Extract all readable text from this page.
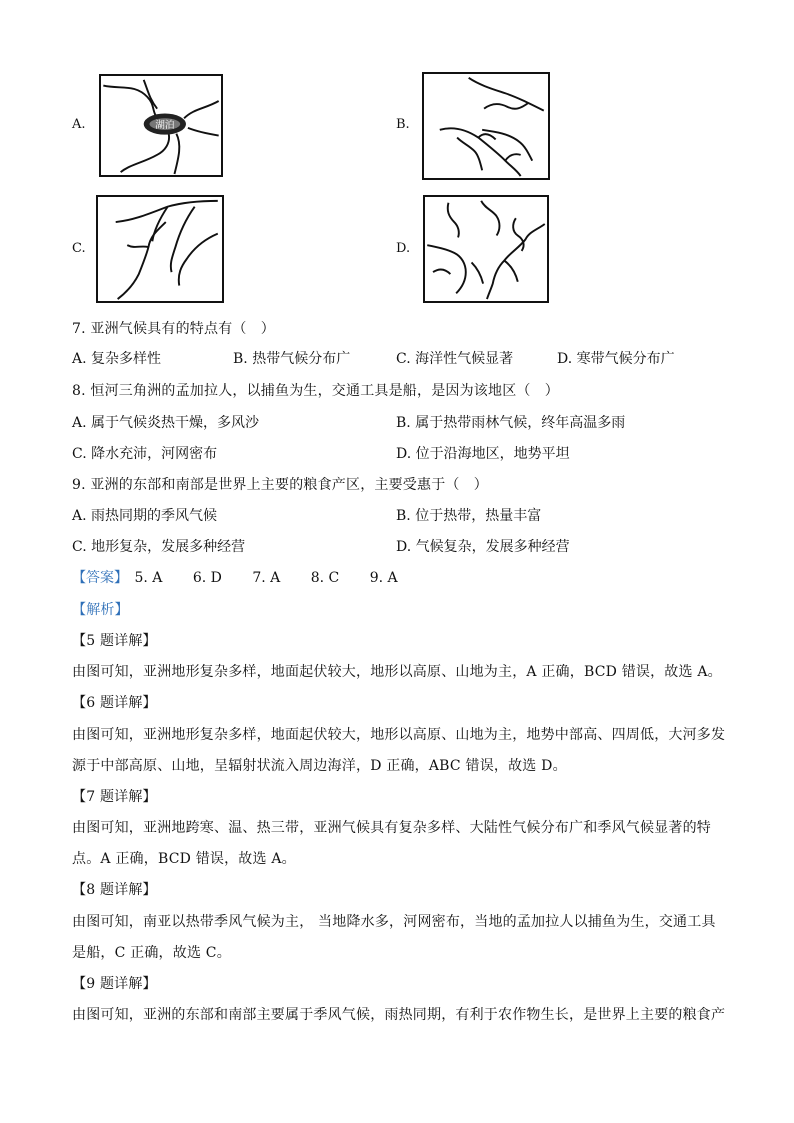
A.	B.
C.	D.
湖泊
7. 亚洲气候具有的特点有（　）
A. 复杂多样性	B. 热带气候分布广	C. 海洋性气候显著	D. 寒带气候分布广
8. 恒河三角洲的孟加拉人，以捕鱼为生，交通工具是船，是因为该地区（　）
A. 属于气候炎热干燥，多风沙	B. 属于热带雨林气候，终年高温多雨
C. 降水充沛，河网密布	D. 位于沿海地区，地势平坦
9. 亚洲的东部和南部是世界上主要的粮食产区，主要受惠于（　）
A. 雨热同期的季风气候	B. 位于热带，热量丰富
C. 地形复杂，发展多种经营	D. 气候复杂，发展多种经营
【答案】 5. A 6. D 7. A 8. C 9. A
【解析】
【5 题详解】
由图可知，亚洲地形复杂多样，地面起伏较大，地形以高原、山地为主，A 正确，BCD 错误，故选 A。
【6 题详解】
由图可知，亚洲地形复杂多样，地面起伏较大，地形以高原、山地为主，地势中部高、四周低，大河多发
源于中部高原、山地，呈辐射状流入周边海洋，D 正确，ABC 错误，故选 D。
【7 题详解】
由图可知，亚洲地跨寒、温、热三带，亚洲气候具有复杂多样、大陆性气候分布广和季风气候显著的特
点。A 正确，BCD 错误，故选 A。
【8 题详解】
由图可知，南亚以热带季风气候为主， 当地降水多，河网密布，当地的孟加拉人以捕鱼为生，交通工具
是船，C 正确，故选 C。
【9 题详解】
由图可知，亚洲的东部和南部主要属于季风气候，雨热同期，有利于农作物生长，是世界上主要的粮食产
